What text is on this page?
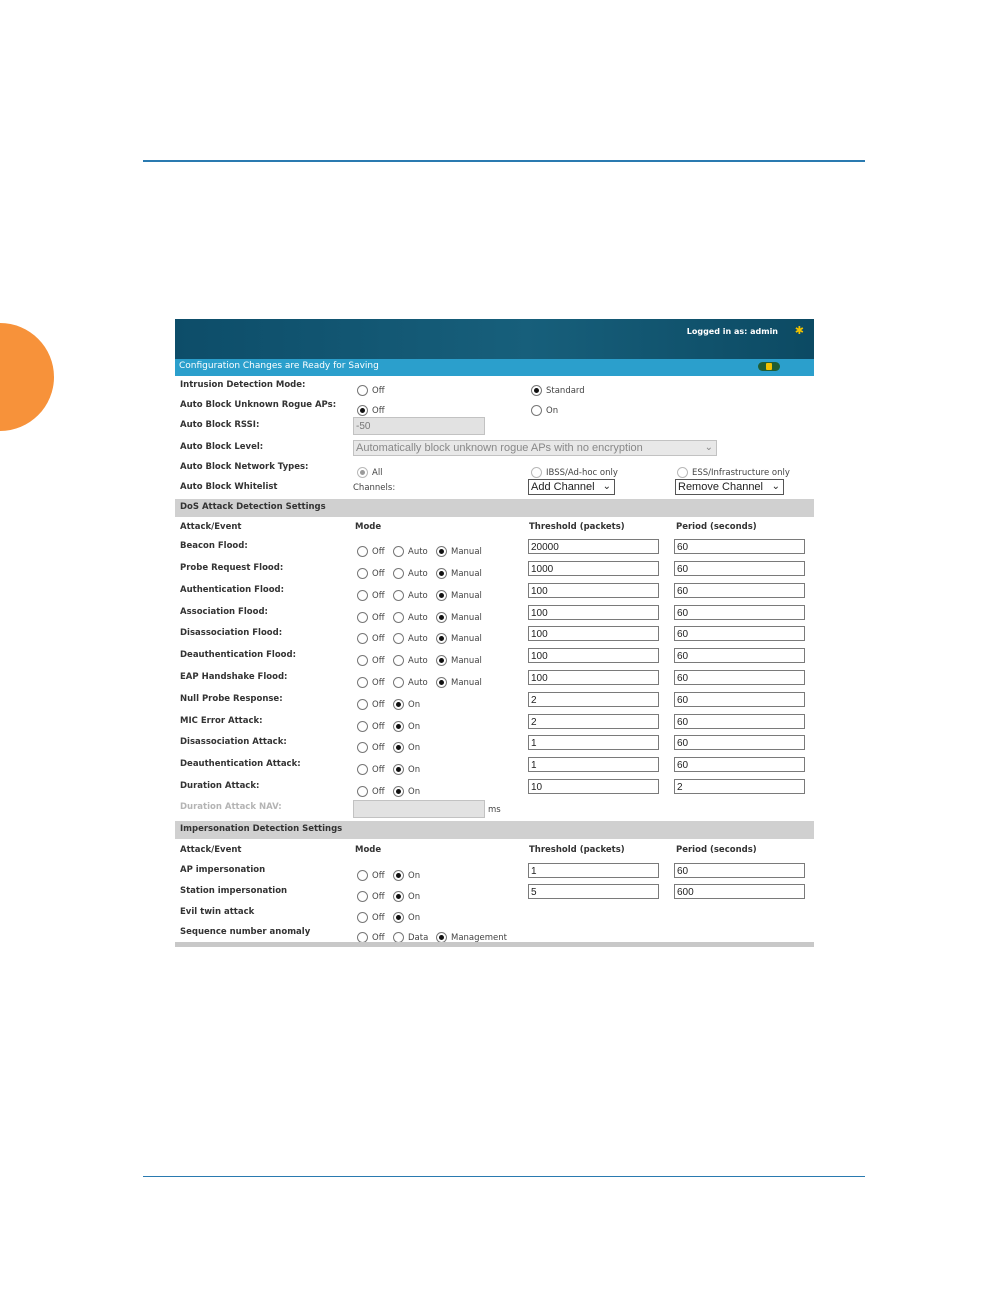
Logged in as: admin ✱
Configuration Changes are Ready for Saving
Intrusion Detection Mode:
Off	Standard
Auto Block Unknown Rogue APs:
Off	On
Auto Block RSSI:	-50
Auto Block Level:	Automatically block unknown rogue APs with no encryption	⌄
Auto Block Network Types:
All	IBSS/Ad-hoc only	ESS/Infrastructure only
Auto Block Whitelist	Channels:	Add Channel ⌄	Remove Channel ⌄
DoS Attack Detection Settings
Attack/Event	Mode	Threshold (packets)	Period (seconds)
Beacon Flood:
Off	Auto	Manual	20000	60
Probe Request Flood:
Off	Auto	Manual	1000	60
Authentication Flood:
Off	Auto	Manual	100	60
Association Flood:
Off	Auto	Manual	100	60
Disassociation Flood:
Off	Auto	Manual	100	60
Deauthentication Flood:
Off	Auto	Manual	100	60
EAP Handshake Flood:
Off	Auto	Manual	100	60
Null Probe Response:
Off	On	2	60
MIC Error Attack:
Off	On	2	60
Disassociation Attack:
Off	On	1	60
Deauthentication Attack:
Off	On	1	60
Duration Attack:
Off	On	10	2
Duration Attack NAV:	ms
Impersonation Detection Settings
Attack/Event	Mode	Threshold (packets)	Period (seconds)
AP impersonation
Off	On	1	60
Station impersonation
Off	On	5	600
Evil twin attack
Off	On
Sequence number anomaly
Off	Data	Management
